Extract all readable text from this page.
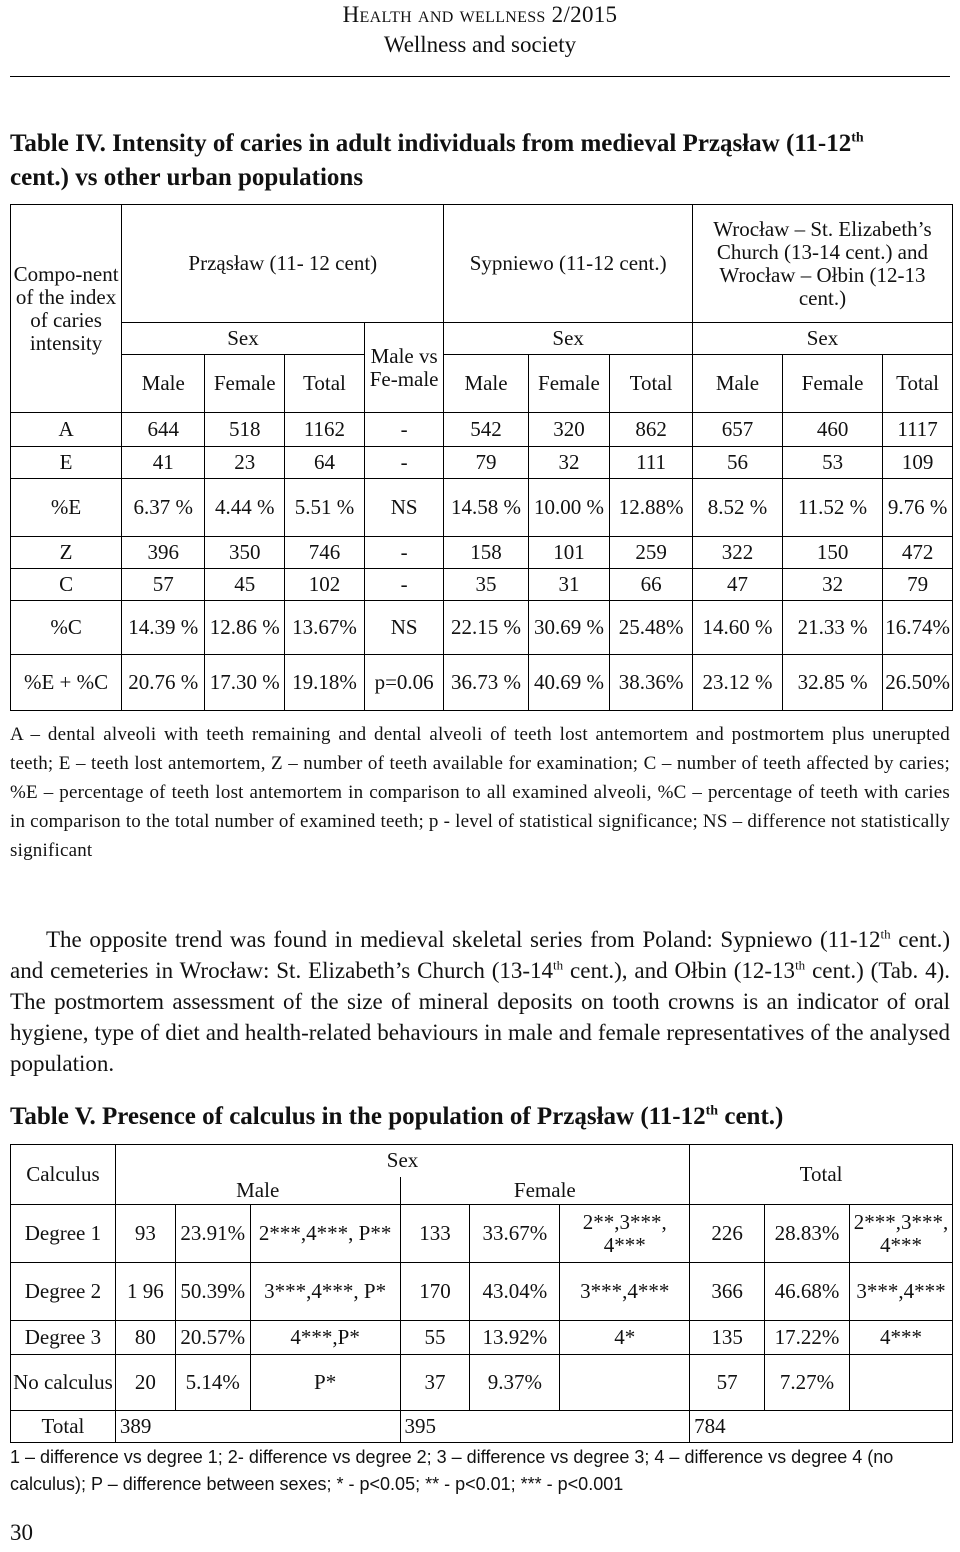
Health and wellness 2/2015
Wellness and society
Table IV. Intensity of caries in adult individuals from medieval Prząsław (11-12th
cent.) vs other urban populations
Compo-nent of the index of caries intensity	Prząsław (11- 12 cent)				Sypniewo (11-12 cent.)			Wrocław – St. Elizabeth’s Church (13-14 cent.) and Wrocław – Ołbin (12-13 cent.)		
	Sex			Male vs Fe-male	Sex			Sex		
	Male	Female	Total		Male	Female	Total	Male	Female	Total
A	644	518	1162	-	542	320	862	657	460	1117
E	41	23	64	-	79	32	111	56	53	109
%E	6.37 %	4.44 %	5.51 %	NS	14.58 %	10.00 %	12.88%	8.52 %	11.52 %	9.76 %
Z	396	350	746	-	158	101	259	322	150	472
C	57	45	102	-	35	31	66	47	32	79
%C	14.39 %	12.86 %	13.67%	NS	22.15 %	30.69 %	25.48%	14.60 %	21.33 %	16.74%
%E + %C	20.76 %	17.30 %	19.18%	p=0.06	36.73 %	40.69 %	38.36%	23.12 %	32.85 %	26.50%
A – dental alveoli with teeth remaining and dental alveoli of teeth lost antemortem and postmortem plus unerupted teeth; E – teeth lost antemortem, Z – number of teeth available for examination; C – number of teeth affected by caries; %E – percentage of teeth lost antemortem in comparison to all examined alveoli, %C – percentage of teeth with caries in comparison to the total number of examined teeth; p - level of statistical significance; NS – difference not statistically significant
The opposite trend was found in medieval skeletal series from Poland: Sypniewo (11-12th cent.) and cemeteries in Wrocław: St. Elizabeth’s Church (13-14th cent.), and Ołbin (12-13th cent.) (Tab. 4). The postmortem assessment of the size of mineral deposits on tooth crowns is an indicator of oral hygiene, type of diet and health-related behaviours in male and female representatives of the analysed population.
Table V. Presence of calculus in the population of Prząsław (11-12th cent.)
Calculus	Sex						Total		
	Male			Female					
Degree 1	93	23.91%	2***,4***, P**	133	33.67%	2**,3***, 4***	226	28.83%	2***,3***, 4***
Degree 2	1 96	50.39%	3***,4***, P*	170	43.04%	3***,4***	366	46.68%	3***,4***
Degree 3	80	20.57%	4***,P*	55	13.92%	4*	135	17.22%	4***
No calculus	20	5.14%	P*	37	9.37%		57	7.27%	
Total	389			395			784		
1 – difference vs degree 1; 2- difference vs degree 2; 3 – difference vs degree 3; 4 – difference vs degree 4 (no calculus); P – difference between sexes; * - p<0.05; ** - p<0.01; *** - p<0.001
30
